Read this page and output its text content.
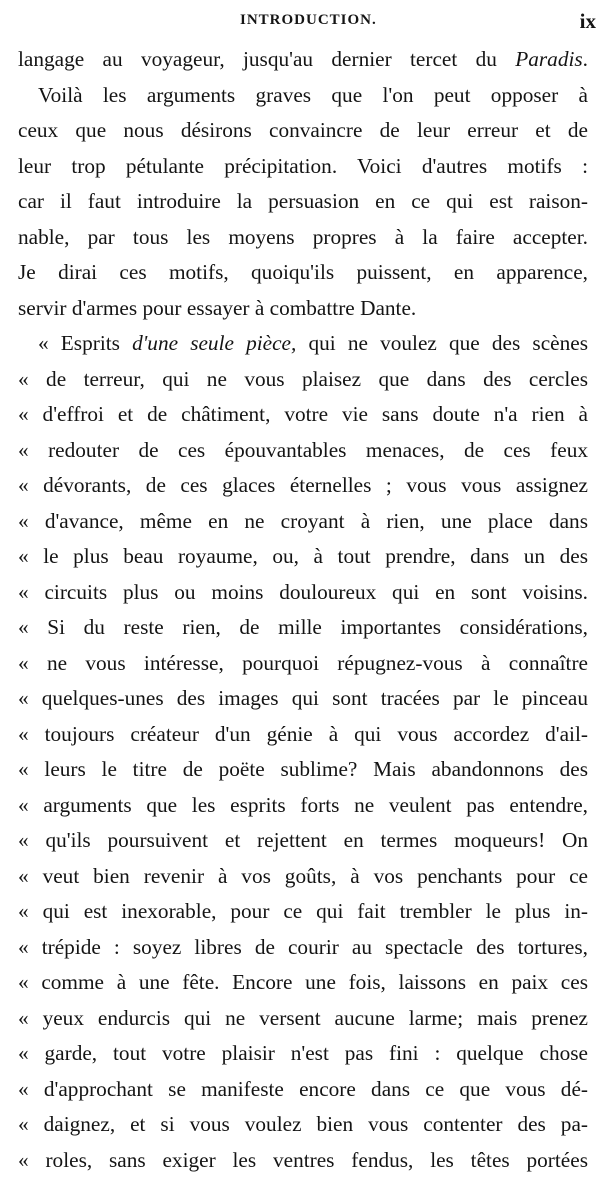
INTRODUCTION.	ix
langage au voyageur, jusqu'au dernier tercet du Paradis.
Voilà les arguments graves que l'on peut opposer à
ceux que nous désirons convaincre de leur erreur et de
leur trop pétulante précipitation. Voici d'autres motifs :
car il faut introduire la persuasion en ce qui est raison-
nable, par tous les moyens propres à la faire accepter.
Je dirai ces motifs, quoiqu'ils puissent, en apparence,
servir d'armes pour essayer à combattre Dante.
« Esprits d'une seule pièce, qui ne voulez que des scènes
« de terreur, qui ne vous plaisez que dans des cercles
« d'effroi et de châtiment, votre vie sans doute n'a rien à
« redouter de ces épouvantables menaces, de ces feux
« dévorants, de ces glaces éternelles ; vous vous assignez
« d'avance, même en ne croyant à rien, une place dans
« le plus beau royaume, ou, à tout prendre, dans un des
« circuits plus ou moins douloureux qui en sont voisins.
« Si du reste rien, de mille importantes considérations,
« ne vous intéresse, pourquoi répugnez-vous à connaître
« quelques-unes des images qui sont tracées par le pinceau
« toujours créateur d'un génie à qui vous accordez d'ail-
« leurs le titre de poëte sublime? Mais abandonnons des
« arguments que les esprits forts ne veulent pas entendre,
« qu'ils poursuivent et rejettent en termes moqueurs! On
« veut bien revenir à vos goûts, à vos penchants pour ce
« qui est inexorable, pour ce qui fait trembler le plus in-
« trépide : soyez libres de courir au spectacle des tortures,
« comme à une fête. Encore une fois, laissons en paix ces
« yeux endurcis qui ne versent aucune larme; mais prenez
« garde, tout votre plaisir n'est pas fini : quelque chose
« d'approchant se manifeste encore dans ce que vous dé-
« daignez, et si vous voulez bien vous contenter des pa-
« roles, sans exiger les ventres fendus, les têtes portées
